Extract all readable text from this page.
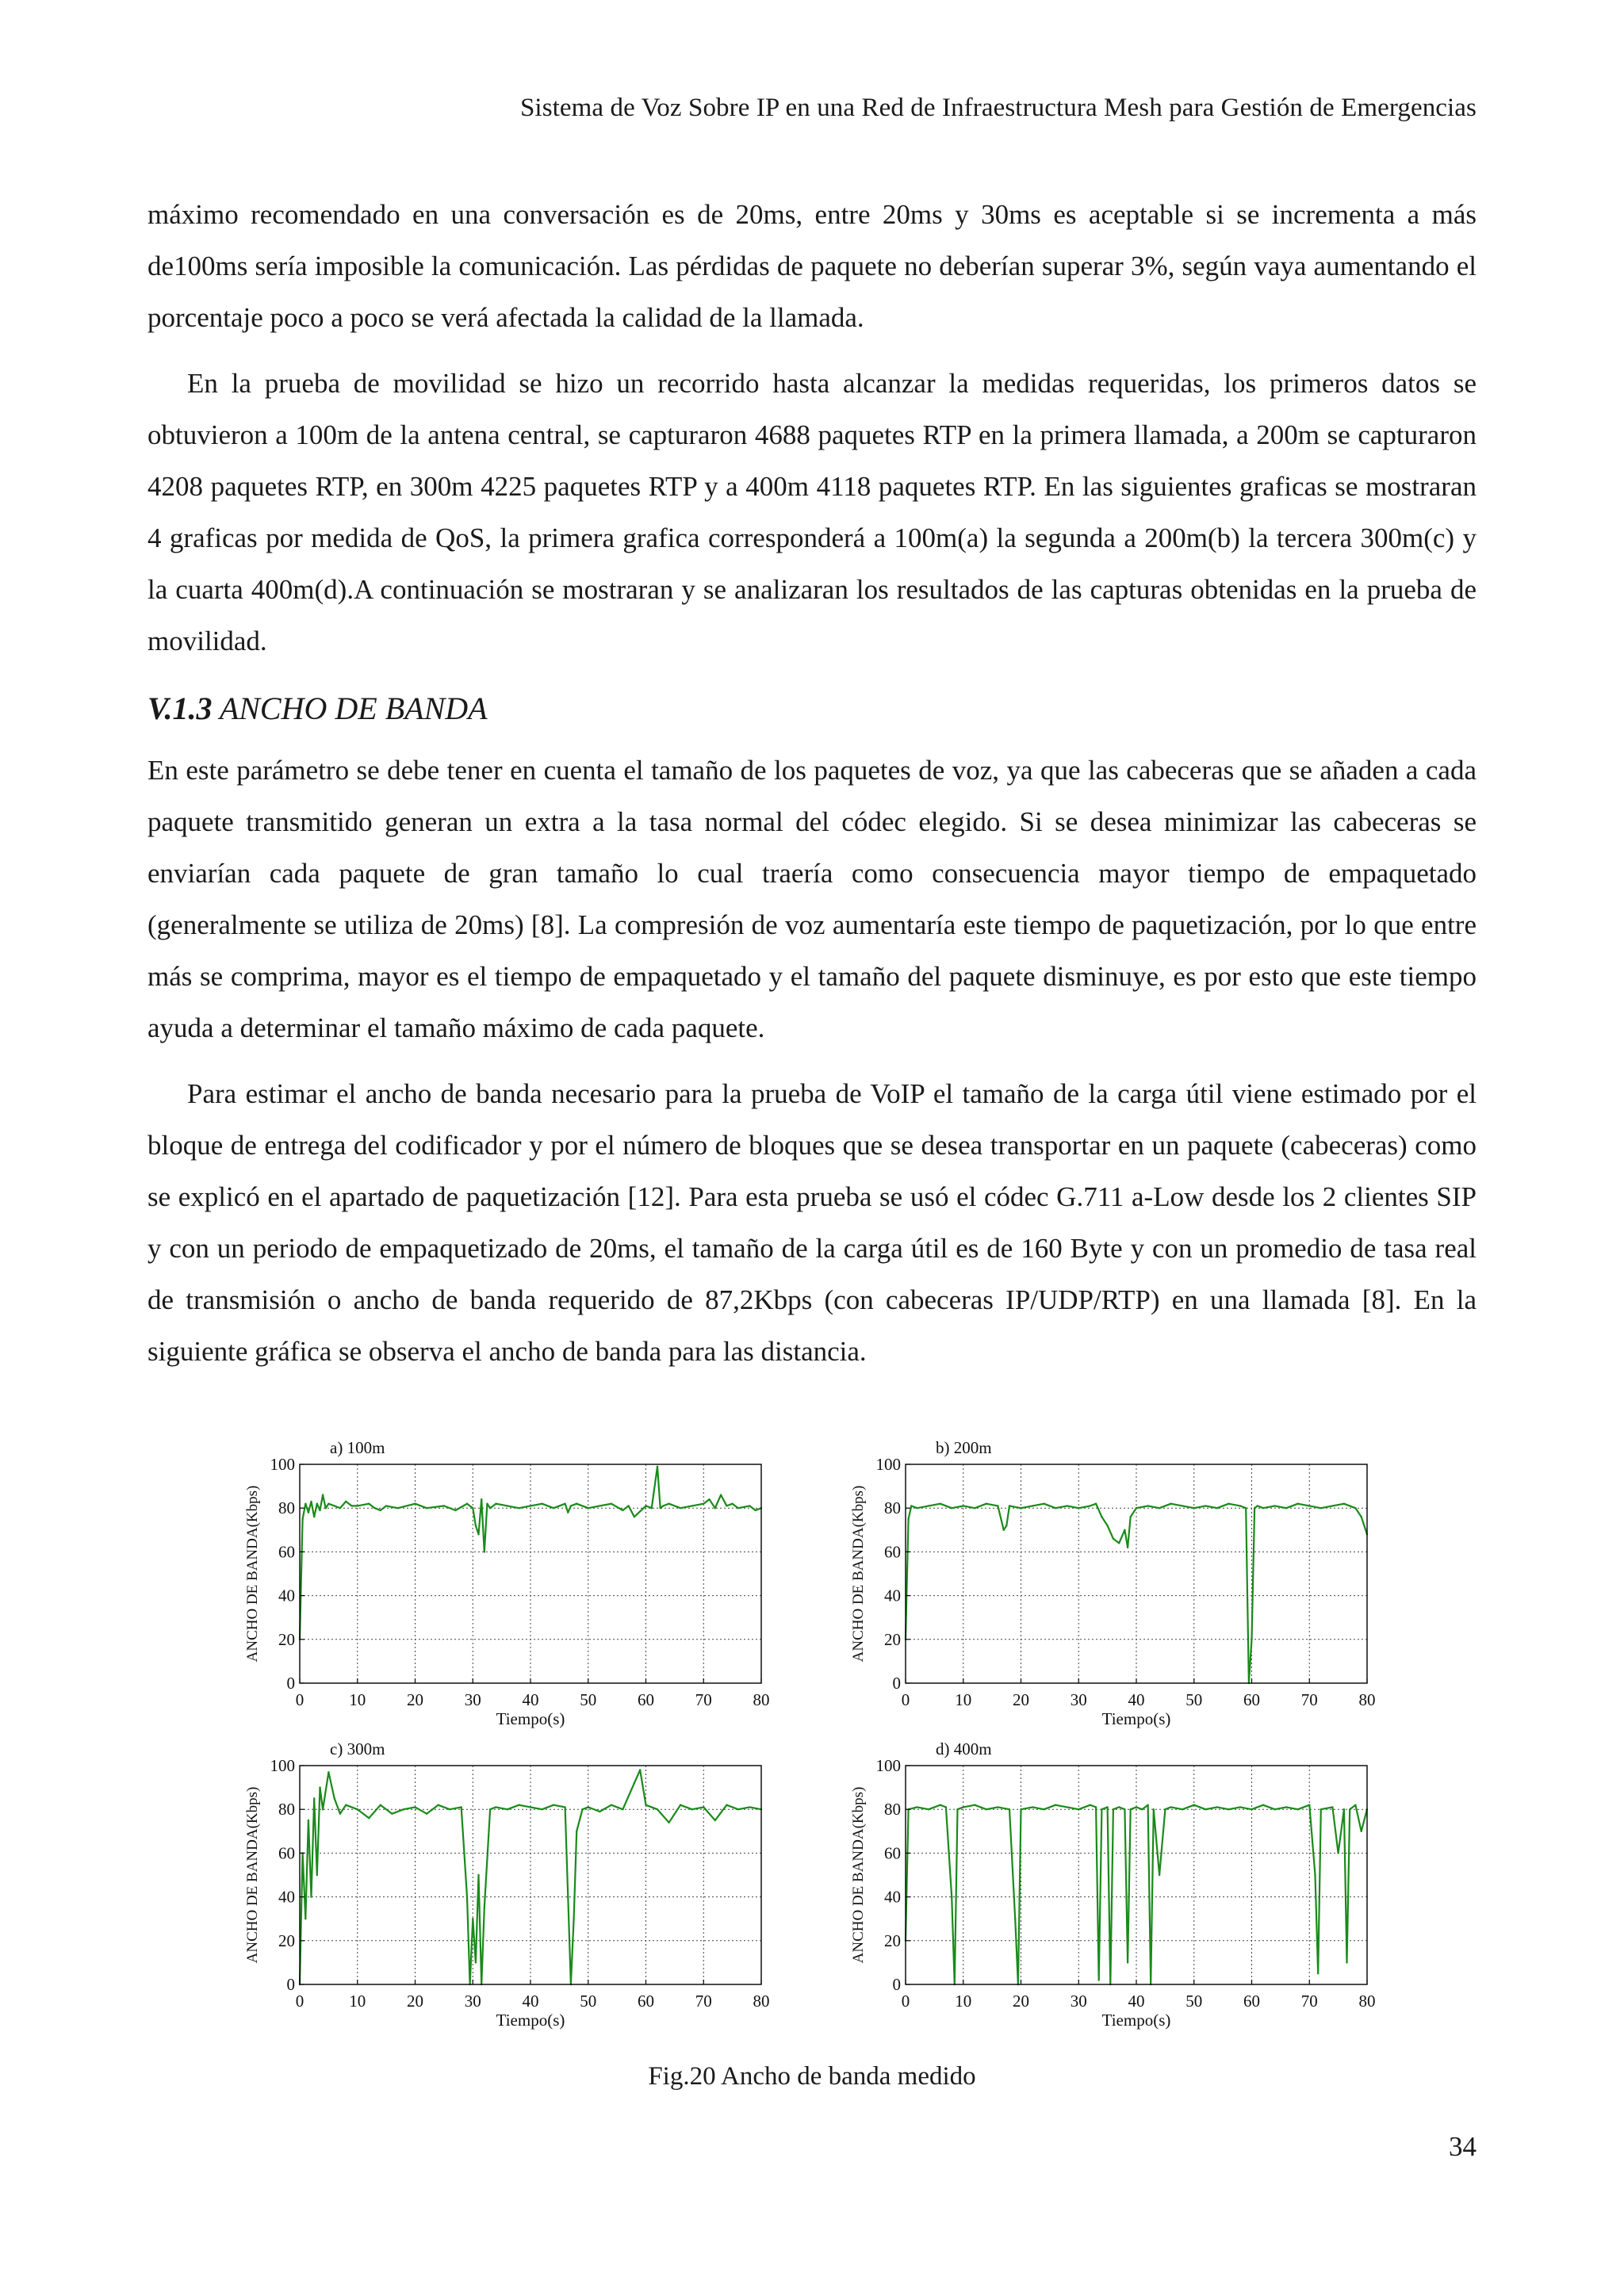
Sistema de Voz Sobre IP en una Red de Infraestructura Mesh para Gestión de Emergencias

máximo recomendado en una conversación es de 20ms, entre 20ms y 30ms es aceptable si se incrementa a más de100ms sería imposible la comunicación. Las pérdidas de paquete no deberían superar 3%, según vaya aumentando el porcentaje poco a poco se verá afectada la calidad de la llamada.

En la prueba de movilidad se hizo un recorrido hasta alcanzar la medidas requeridas, los primeros datos se obtuvieron a 100m de la antena central, se capturaron 4688 paquetes RTP en la primera llamada, a 200m se capturaron 4208 paquetes RTP, en 300m 4225 paquetes RTP y a 400m 4118 paquetes RTP. En las siguientes graficas se mostraran 4 graficas por medida de QoS, la primera grafica corresponderá a 100m(a) la segunda a 200m(b) la tercera 300m(c) y la cuarta 400m(d).A continuación se mostraran y se analizaran los resultados de las capturas obtenidas en la prueba de movilidad.

V.1.3 ANCHO DE BANDA

En este parámetro se debe tener en cuenta el tamaño de los paquetes de voz, ya que las cabeceras que se añaden a cada paquete transmitido generan un extra a la tasa normal del códec elegido. Si se desea minimizar las cabeceras se enviarían cada paquete de gran tamaño lo cual traería como consecuencia mayor tiempo de empaquetado (generalmente se utiliza de 20ms) [8]. La compresión de voz aumentaría este tiempo de paquetización, por lo que entre más se comprima, mayor es el tiempo de empaquetado y el tamaño del paquete disminuye, es por esto que este tiempo ayuda a determinar el tamaño máximo de cada paquete.

Para estimar el ancho de banda necesario para la prueba de VoIP el tamaño de la carga útil viene estimado por el bloque de entrega del codificador y por el número de bloques que se desea transportar en un paquete (cabeceras) como se explicó en el apartado de paquetización [12]. Para esta prueba se usó el códec G.711 a-Low desde los 2 clientes SIP y con un periodo de empaquetizado de 20ms, el tamaño de la carga útil es de 160 Byte y con un promedio de tasa real de transmisión o ancho de banda requerido de 87,2Kbps (con cabeceras IP/UDP/RTP) en una llamada [8]. En la siguiente gráfica se observa el ancho de banda para las distancia.

0	10 20 30 40 50 60 70 80
0
20
40
60
80
100
a) 100m
Tiempo(s)
ANCHO DE BANDA(Kbps)
0	10 20 30 40 50 60 70 80
0
20
40
60
80
100
b) 200m
Tiempo(s)
ANCHO DE BANDA(Kbps)
0	10 20 30 40 50 60 70 80
0
20
40
60
80
100
c) 300m
Tiempo(s)
ANCHO DE BANDA(Kbps)
0	10 20 30 40 50 60 70 80
0
20
40
60
80
100
d) 400m
Tiempo(s)
ANCHO DE BANDA(Kbps)
Fig.20 Ancho de banda medido
34
